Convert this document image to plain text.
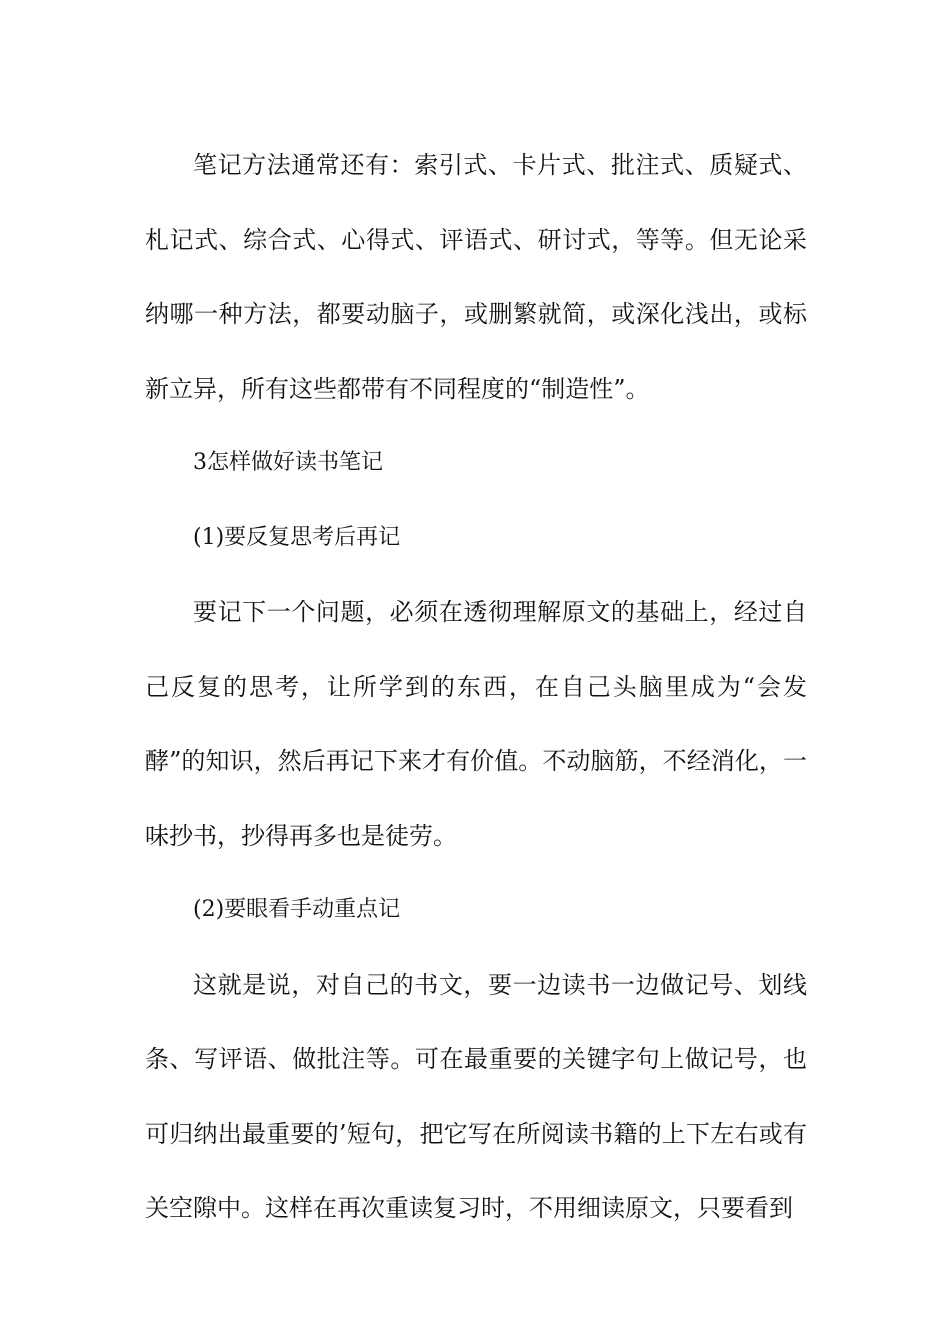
笔记方法通常还有：索引式、卡片式、批注式、质疑式、札记式、综合式、心得式、评语式、研讨式，等等。但无论采纳哪一种方法，都要动脑子，或删繁就简，或深化浅出，或标新立异，所有这些都带有不同程度的“制造性”。

3怎样做好读书笔记

(1)要反复思考后再记

要记下一个问题，必须在透彻理解原文的基础上，经过自己反复的思考，让所学到的东西，在自己头脑里成为“会发酵”的知识，然后再记下来才有价值。不动脑筋，不经消化，一味抄书，抄得再多也是徒劳。

(2)要眼看手动重点记

这就是说，对自己的书文，要一边读书一边做记号、划线条、写评语、做批注等。可在最重要的关键字句上做记号，也可归纳出最重要的’短句，把它写在所阅读书籍的上下左右或有关空隙中。这样在再次重读复习时，不用细读原文，只要看到
